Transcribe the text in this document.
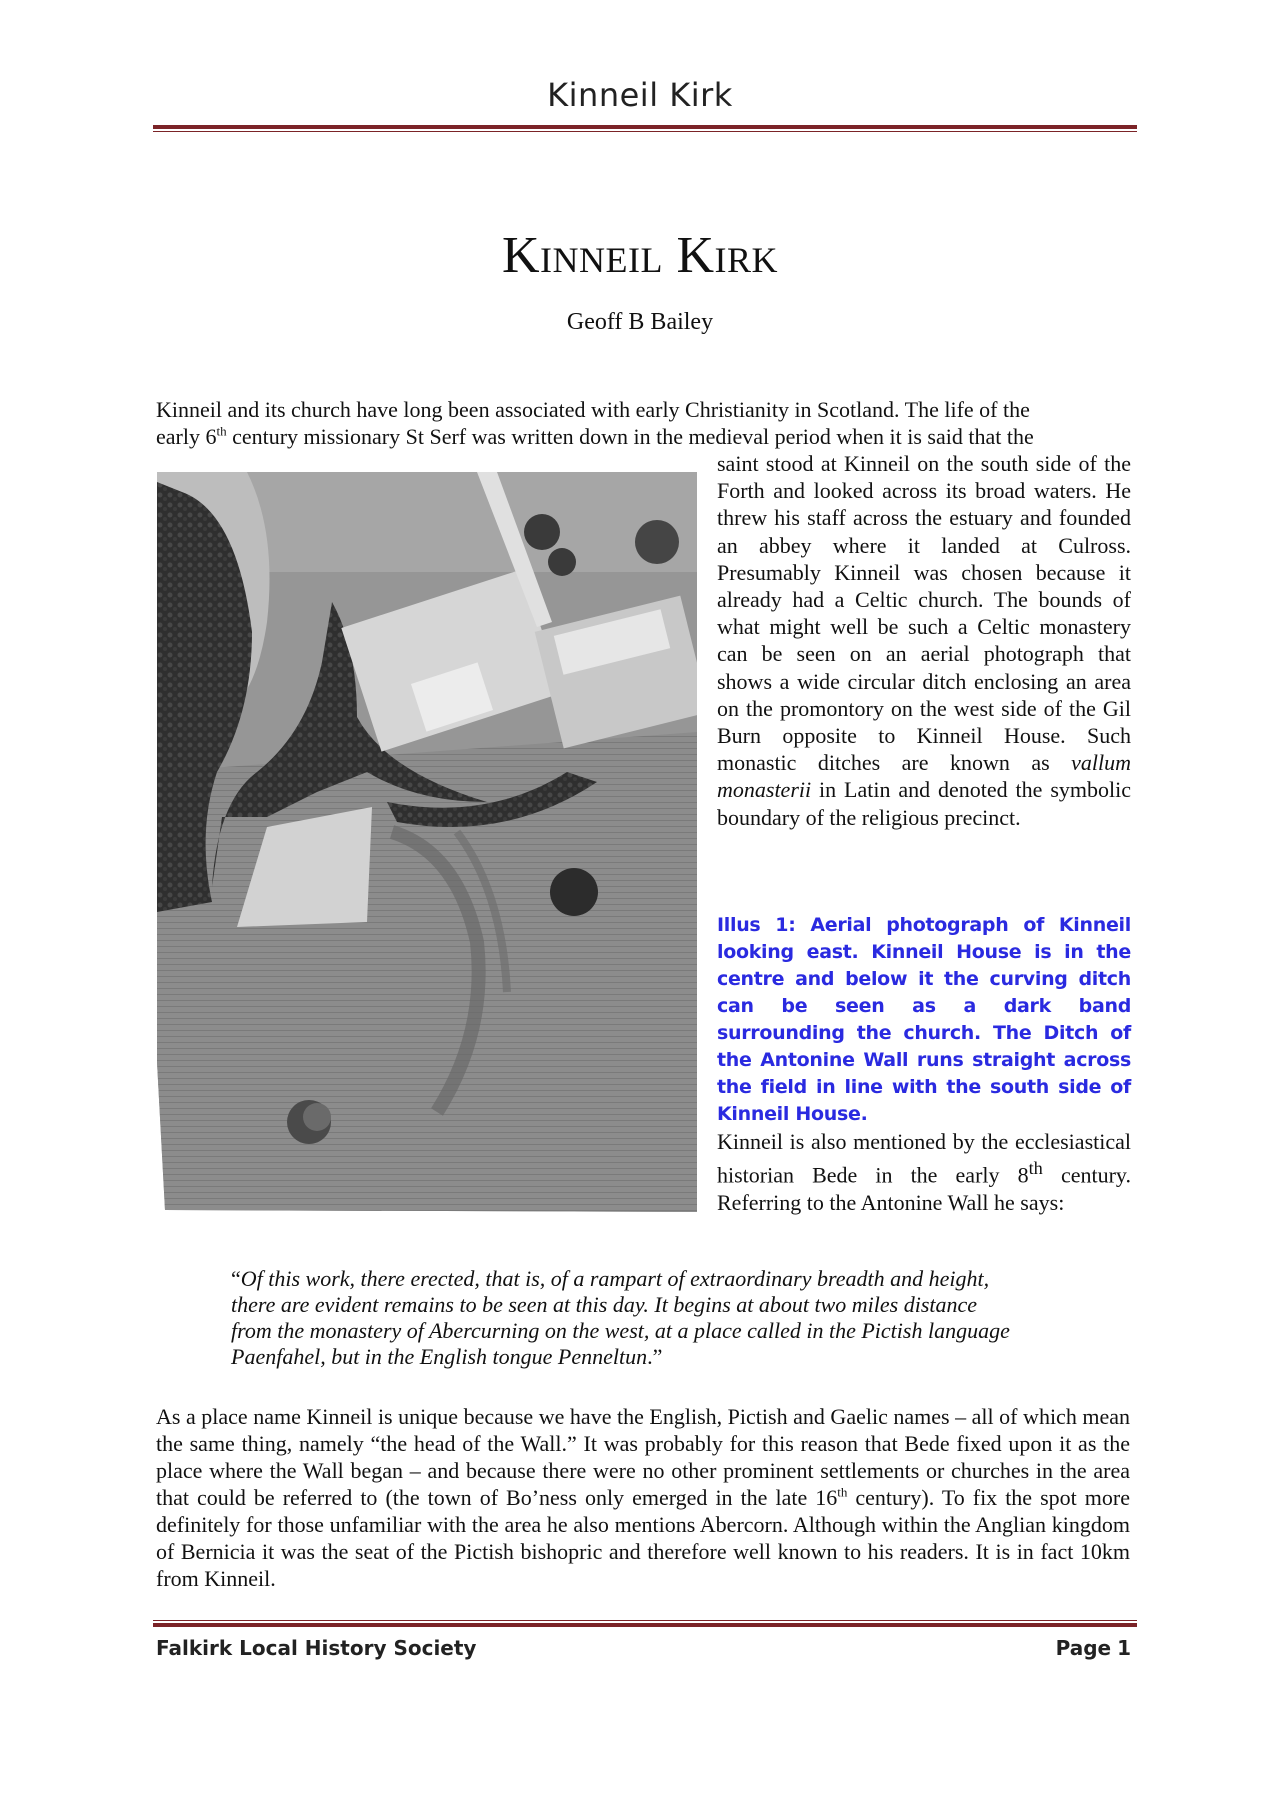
Kinneil Kirk
KINNEIL KIRK
Geoff B Bailey
Kinneil and its church have long been associated with early Christianity in Scotland. The life of the
early 6th century missionary St Serf was written down in the medieval period when it is said that the
saint stood at Kinneil on the south side of the Forth and looked across its broad waters. He threw his staff across the estuary and founded an abbey where it landed at Culross. Presumably Kinneil was chosen because it already had a Celtic church. The bounds of what might well be such a Celtic monastery can be seen on an aerial photograph that shows a wide circular ditch enclosing an area on the promontory on the west side of the Gil Burn opposite to Kinneil House. Such monastic ditches are known as vallum monasterii in Latin and denoted the symbolic boundary of the religious precinct.
Illus 1: Aerial photograph of Kinneil looking east. Kinneil House is in the centre and below it the curving ditch can be seen as a dark band surrounding the church. The Ditch of the Antonine Wall runs straight across the field in line with the south side of Kinneil House.
Kinneil is also mentioned by the ecclesiastical historian Bede in the early 8th century. Referring to the Antonine Wall he says:
“Of this work, there erected, that is, of a rampart of extraordinary breadth and height, there are evident remains to be seen at this day. It begins at about two miles distance from the monastery of Abercurning on the west, at a place called in the Pictish language Paenfahel, but in the English tongue Penneltun.”
As a place name Kinneil is unique because we have the English, Pictish and Gaelic names – all of which mean the same thing, namely “the head of the Wall.” It was probably for this reason that Bede fixed upon it as the place where the Wall began – and because there were no other prominent settlements or churches in the area that could be referred to (the town of Bo’ness only emerged in the late 16th century). To fix the spot more definitely for those unfamiliar with the area he also mentions Abercorn. Although within the Anglian kingdom of Bernicia it was the seat of the Pictish bishopric and therefore well known to his readers. It is in fact 10km from Kinneil.
Falkirk Local History Society	Page 1
